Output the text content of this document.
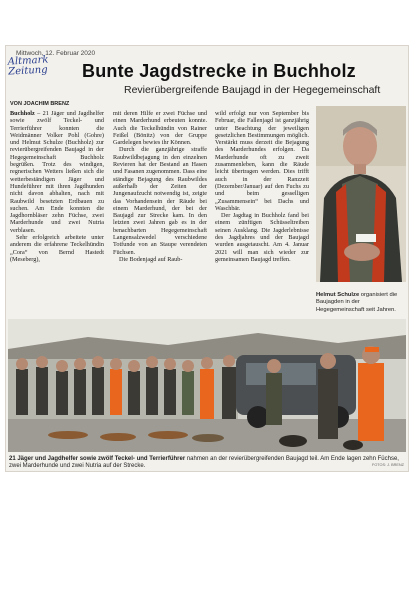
Mittwoch, 12. Februar 2020
Altmark
Zeitung	Bunte Jagdstrecke in Buchholz
Revierübergreifende Baujagd in der Hegegemeinschaft
VON JOACHIM BRENZ

Buchholz – 21 Jäger und Jagdhelfer sowie zwölf Teckel- und Terrierführer konnten die Weidmänner Volker Pohl (Gohre) und Helmut Schulze (Buchholz) zur revierübergreifenden Baujagd in der Hegegemeinschaft Buchholz begrüßen. Trotz des windigen, regnerischen Wetters ließen sich die wetterbeständigen Jäger und Hundeführer mit ihren Jagdhunden nicht davon abhalten, nach mit Raubwild besetzten Erdbauen zu suchen. Am Ende konnten die Jagdhornbläser zehn Füchse, zwei Marderhunde und zwei Nutria verblasen.

Sehr erfolgreich arbeitete unter anderem die erfahrene Teckelhündin „Cora“ von Bernd Hastedt (Meseberg),

mit deren Hilfe er zwei Füchse und einen Marderhund erbeuten konnte. Auch die Teckelhündin von Rainer Feißel (Bönitz) von der Gruppe Gardelegen bewies ihr Können.

Durch die ganzjährige straffe Raubwildbejagung in den einzelnen Revieren hat der Bestand an Hasen und Fasanen zugenommen. Dass eine ständige Bejagung des Raubwildes außerhalb der Zeiten der Jungenaufzucht notwendig ist, zeigte das Vorhandensein der Räude bei einem Marderhund, der bei der Baujagd zur Strecke kam. In den letzten zwei Jahren gab es in der benachbarten Hegegemeinschaft Langensalzwedel verschiedene Totfunde von an Staupe verendeten Füchsen.

Die Bodenjagd auf Raub-

wild erfolgt nur von September bis Februar, die Fallenjagd ist ganzjährig unter Beachtung der jeweiligen gesetzlichen Bestimmungen möglich. Verstärkt muss derzeit die Bejagung des Marderhundes erfolgen. Da Marderhunde oft zu zweit zusammenleben, kann die Räude leicht übertragen werden. Dies trifft auch in der Ranzzeit (Dezember/Januar) auf den Fuchs zu und beim gesselligen „Zusammensein“ bei Dachs und Waschbär.

Der Jagdtag in Buchholz fand bei einem zünftigen Schüsseltreiben seinen Ausklang. Die Jagderlebnisse des Jagdjahres und der Baujagd wurden ausgetauscht. Am 4. Januar 2021 will man sich wieder zur gemeinsamen Baujagd treffen.

Helmut Schulze organisiert die Baujagden in der Hegegemeinschaft seit Jahren.
21 Jäger und Jagdhelfer sowie zwölf Teckel- und Terrierführer nahmen an der revierübergreifenden Baujagd teil. Am Ende lagen zehn Füchse, zwei Marderhunde und zwei Nutria auf der Strecke.	FOTOS: J. BRENZ
